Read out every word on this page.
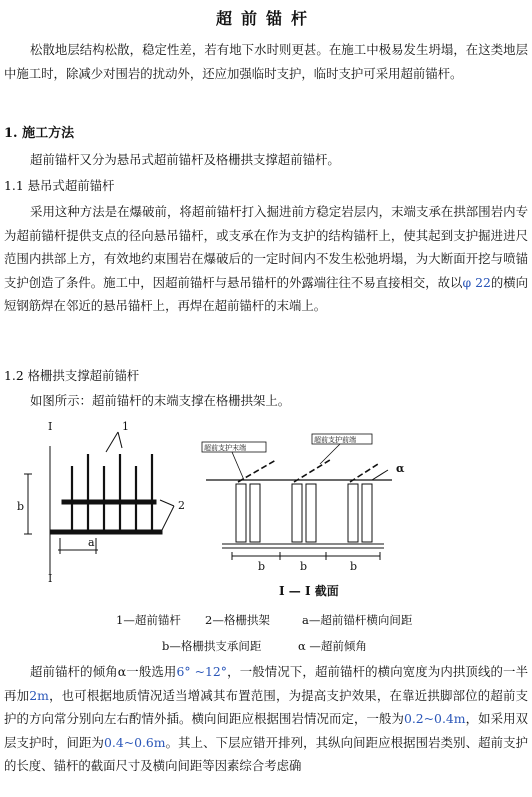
超前锚杆

松散地层结构松散，稳定性差，若有地下水时则更甚。在施工中极易发生坍塌，在这类地层中施工时，除减少对围岩的扰动外，还应加强临时支护，临时支护可采用超前锚杆。

1. 施工方法
超前锚杆又分为悬吊式超前锚杆及格栅拱支撑超前锚杆。
1.1 悬吊式超前锚杆

采用这种方法是在爆破前，将超前锚杆打入掘进前方稳定岩层内，末端支承在拱部围岩内专为超前锚杆提供支点的径向悬吊锚杆，或支承在作为支护的结构锚杆上，使其起到支护掘进进尺范围内拱部上方，有效地约束围岩在爆破后的一定时间内不发生松弛坍塌，为大断面开挖与喷锚支护创造了条件。施工中，因超前锚杆与悬吊锚杆的外露端往往不易直接相交，故以φ 22的横向短钢筋焊在邻近的悬吊锚杆上，再焊在超前锚杆的末端上。

1.2 格栅拱支撑超前锚杆
如图所示：超前锚杆的末端支撑在格栅拱架上。
I
I
1
2
b
a
超前支护末端
超前支护前端
α
b	b	b
I — I 截面
1—超前锚杆 2—格栅拱架	a—超前锚杆横向间距
b—格栅拱支承间距	α —超前倾角

超前锚杆的倾角α一般选用6° ~12°，一般情况下，超前锚杆的横向宽度为内拱顶线的一半再加2m，也可根据地质情况适当增减其布置范围，为提高支护效果，在靠近拱脚部位的超前支护的方向常分别向左右酌情外插。横向间距应根据围岩情况而定，一般为0.2~0.4m，如采用双层支护时，间距为0.4~0.6m。其上、下层应错开排列，其纵向间距应根据围岩类别、超前支护的长度、锚杆的截面尺寸及横向间距等因素综合考虑确
